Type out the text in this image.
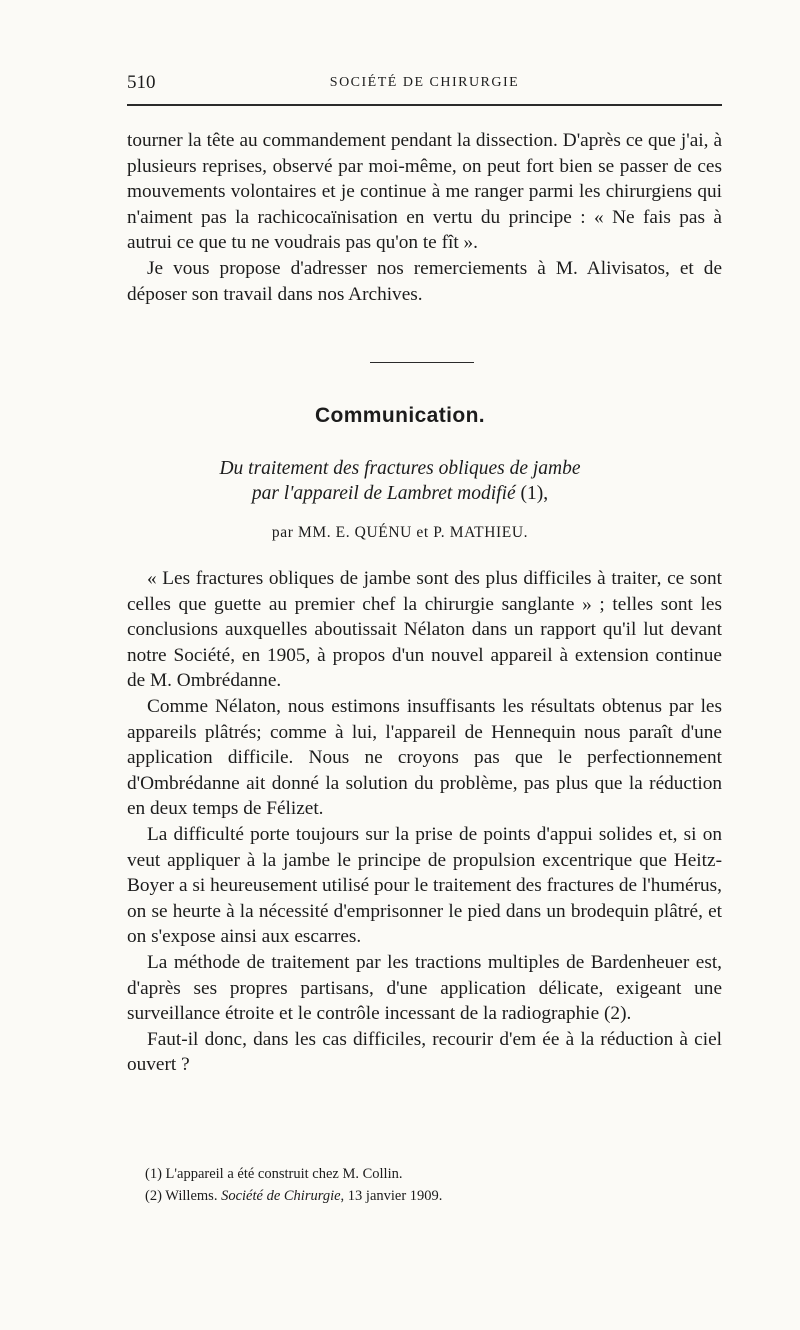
510	SOCIÉTÉ DE CHIRURGIE

tourner la tête au commandement pendant la dissection. D'après ce que j'ai, à plusieurs reprises, observé par moi-même, on peut fort bien se passer de ces mouvements volontaires et je continue à me ranger parmi les chirurgiens qui n'aiment pas la rachicocaïnisation en vertu du principe : « Ne fais pas à autrui ce que tu ne voudrais pas qu'on te fît ».

Je vous propose d'adresser nos remerciements à M. Alivisatos, et de déposer son travail dans nos Archives.

Communication.
Du traitement des fractures obliques de jambe
par l'appareil de Lambret modifié (1),
par MM. E. QUÉNU et P. MATHIEU.

« Les fractures obliques de jambe sont des plus difficiles à traiter, ce sont celles que guette au premier chef la chirurgie sanglante » ; telles sont les conclusions auxquelles aboutissait Nélaton dans un rapport qu'il lut devant notre Société, en 1905, à propos d'un nouvel appareil à extension continue de M. Ombrédanne.

Comme Nélaton, nous estimons insuffisants les résultats obtenus par les appareils plâtrés; comme à lui, l'appareil de Hennequin nous paraît d'une application difficile. Nous ne croyons pas que le perfectionnement d'Ombrédanne ait donné la solution du problème, pas plus que la réduction en deux temps de Félizet.

La difficulté porte toujours sur la prise de points d'appui solides et, si on veut appliquer à la jambe le principe de propulsion excentrique que Heitz-Boyer a si heureusement utilisé pour le traitement des fractures de l'humérus, on se heurte à la nécessité d'emprisonner le pied dans un brodequin plâtré, et on s'expose ainsi aux escarres.

La méthode de traitement par les tractions multiples de Bardenheuer est, d'après ses propres partisans, d'une application délicate, exigeant une surveillance étroite et le contrôle incessant de la radiographie (2).

Faut-il donc, dans les cas difficiles, recourir d'em ée à la réduction à ciel ouvert ?

(1) L'appareil a été construit chez M. Collin.

(2) Willems. Société de Chirurgie, 13 janvier 1909.
